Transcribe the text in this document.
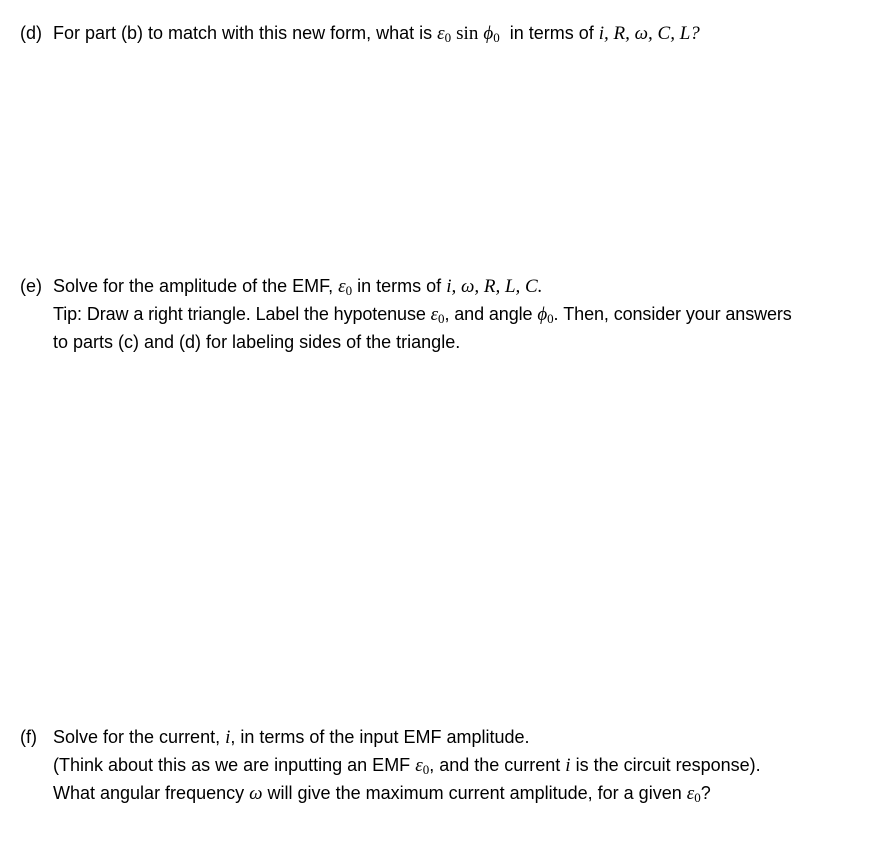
(d) For part (b) to match with this new form, what is $\varepsilon_0$ $\sin \phi_0$  in terms of i, R, ω, C, L?
(e) Solve for the amplitude of the EMF, $\varepsilon_0$ in terms of i, ω, R, L, C.
Tip: Draw a right triangle. Label the hypotenuse $\varepsilon_0$, and angle $\phi_0$. Then, consider your answers
to parts (c) and (d) for labeling sides of the triangle.
(f) Solve for the current, i, in terms of the input EMF amplitude.
(Think about this as we are inputting an EMF $\varepsilon_0$, and the current i is the circuit response).
What angular frequency ω will give the maximum current amplitude, for a given $\varepsilon_0$?
